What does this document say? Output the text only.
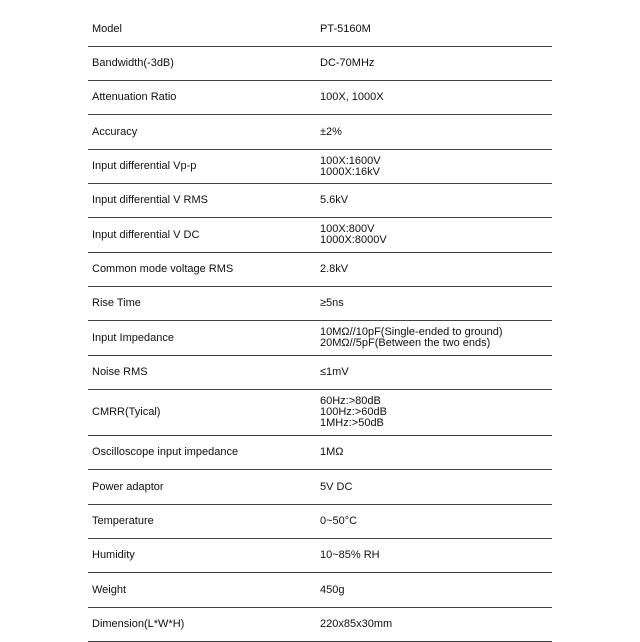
Model	PT-5160M
Bandwidth(-3dB)	DC-70MHz
Attenuation Ratio	100X, 1000X
Accuracy	±2%
Input differential Vp-p	100X:1600V
1000X:16kV
Input differential V RMS	5.6kV
Input differential V DC	100X:800V
1000X:8000V
Common mode voltage RMS	2.8kV
Rise Time	≥5ns
Input Impedance	10MΩ//10pF(Single-ended to ground)
20MΩ//5pF(Between the two ends)
Noise RMS	≤1mV
CMRR(Tyical)
60Hz:>80dB
100Hz:>60dB
1MHz:>50dB
Oscilloscope input impedance	1MΩ
Power adaptor	5V DC
Temperature	0~50°C
Humidity	10~85% RH
Weight	450g
Dimension(L*W*H)	220x85x30mm
